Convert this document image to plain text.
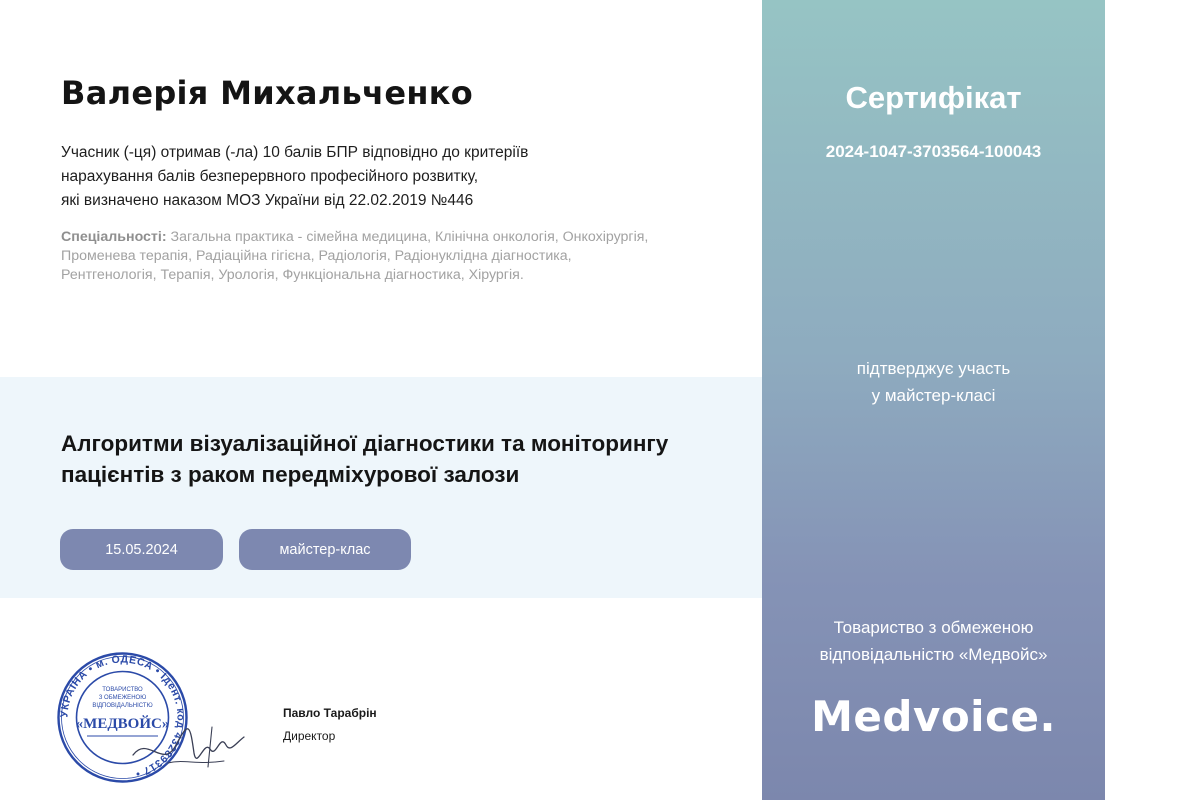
Валерія Михальченко
Учасник (-ця) отримав (-ла) 10 балів БПР відповідно до критеріїв
нарахування балів безперервного професійного розвитку,
які визначено наказом МОЗ України від 22.02.2019 №446
Спеціальності: Загальна практика - сімейна медицина, Клінічна онкологія, Онкохірургія,
Променева терапія, Радіаційна гігієна, Радіологія, Радіонуклідна діагностика,
Рентгенологія, Терапія, Урологія, Функціональна діагностика, Хірургія.
Алгоритми візуалізаційної діагностики та моніторингу
пацієнтів з раком передміхурової залози
15.05.2024	майстер-клас
УКРАЇНА • м. ОДЕСА • Ідент. код 43289317 •
ТОВАРИСТВО
З ОБМЕЖЕНОЮ
ВІДПОВІДАЛЬНІСТЮ
«МЕДВОЙС»
Павло Тарабрін
Директор
Сертифікат
2024-1047-3703564-100043
підтверджує участь
у майстер-класі
Товариство з обмеженою
відповідальністю «Медвойс»
Medvoice.
